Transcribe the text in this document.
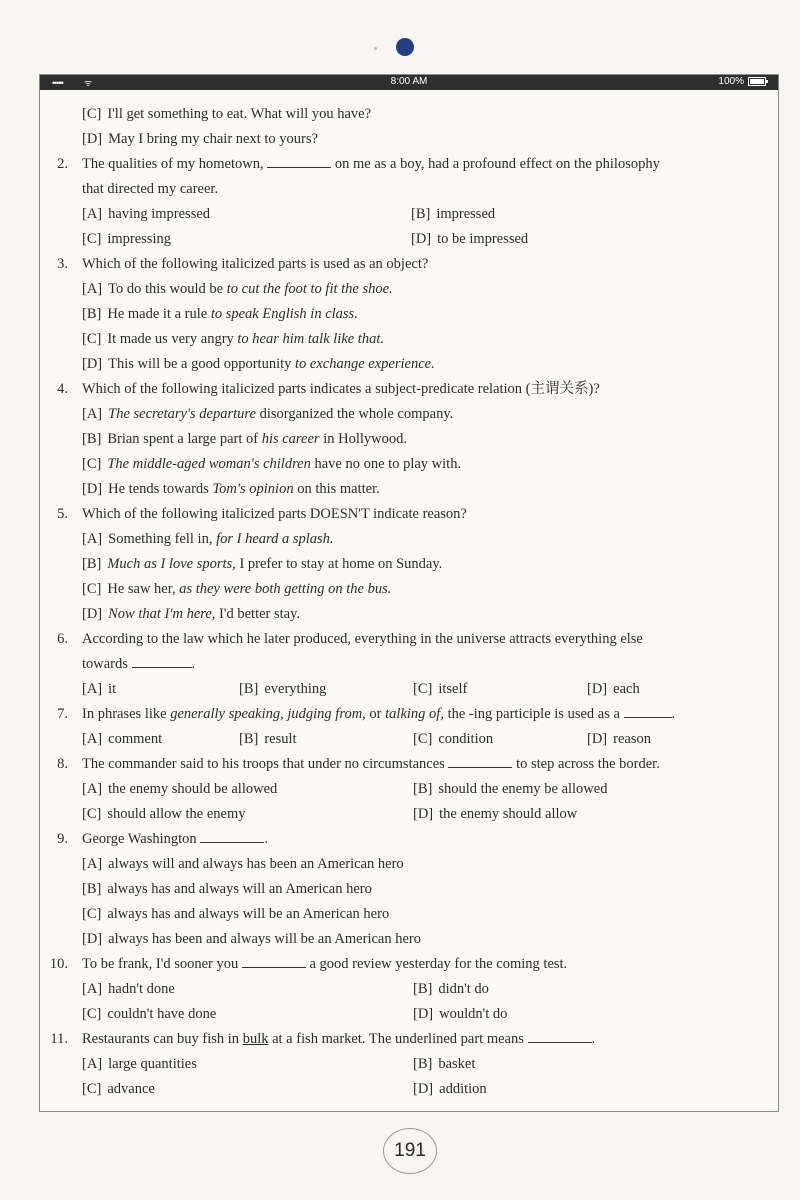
••••• ᯤ	8:00 AM	100%
[C] I'll get something to eat. What will you have?
[D] May I bring my chair next to yours?
2. The qualities of my hometown,	on me as a boy, had a profound effect on the philosophy
that directed my career.
[A] having impressed	[B] impressed
[C] impressing	[D] to be impressed
3. Which of the following italicized parts is used as an object?
[A] To do this would be to cut the foot to fit the shoe.
[B] He made it a rule to speak English in class.
[C] It made us very angry to hear him talk like that.
[D] This will be a good opportunity to exchange experience.
4. Which of the following italicized parts indicates a subject-predicate relation (主谓关系)?
[A] The secretary's departure disorganized the whole company.
[B] Brian spent a large part of his career in Hollywood.
[C] The middle-aged woman's children have no one to play with.
[D] He tends towards Tom's opinion on this matter.
5. Which of the following italicized parts DOESN'T indicate reason?
[A] Something fell in, for I heard a splash.
[B] Much as I love sports, I prefer to stay at home on Sunday.
[C] He saw her, as they were both getting on the bus.
[D] Now that I'm here, I'd better stay.
6. According to the law which he later produced, everything in the universe attracts everything else
towards	.
[A] it	[B] everything	[C] itself	[D] each
7. In phrases like generally speaking, judging from, or talking of, the -ing participle is used as a	.
[A] comment	[B] result	[C] condition	[D] reason
8. The commander said to his troops that under no circumstances	to step across the border.
[A] the enemy should be allowed	[B] should the enemy be allowed
[C] should allow the enemy	[D] the enemy should allow
9. George Washington	.
[A] always will and always has been an American hero
[B] always has and always will an American hero
[C] always has and always will be an American hero
[D] always has been and always will be an American hero
10. To be frank, I'd sooner you	a good review yesterday for the coming test.
[A] hadn't done	[B] didn't do
[C] couldn't have done	[D] wouldn't do
11. Restaurants can buy fish in bulk at a fish market. The underlined part means	.
[A] large quantities	[B] basket
[C] advance	[D] addition
191
